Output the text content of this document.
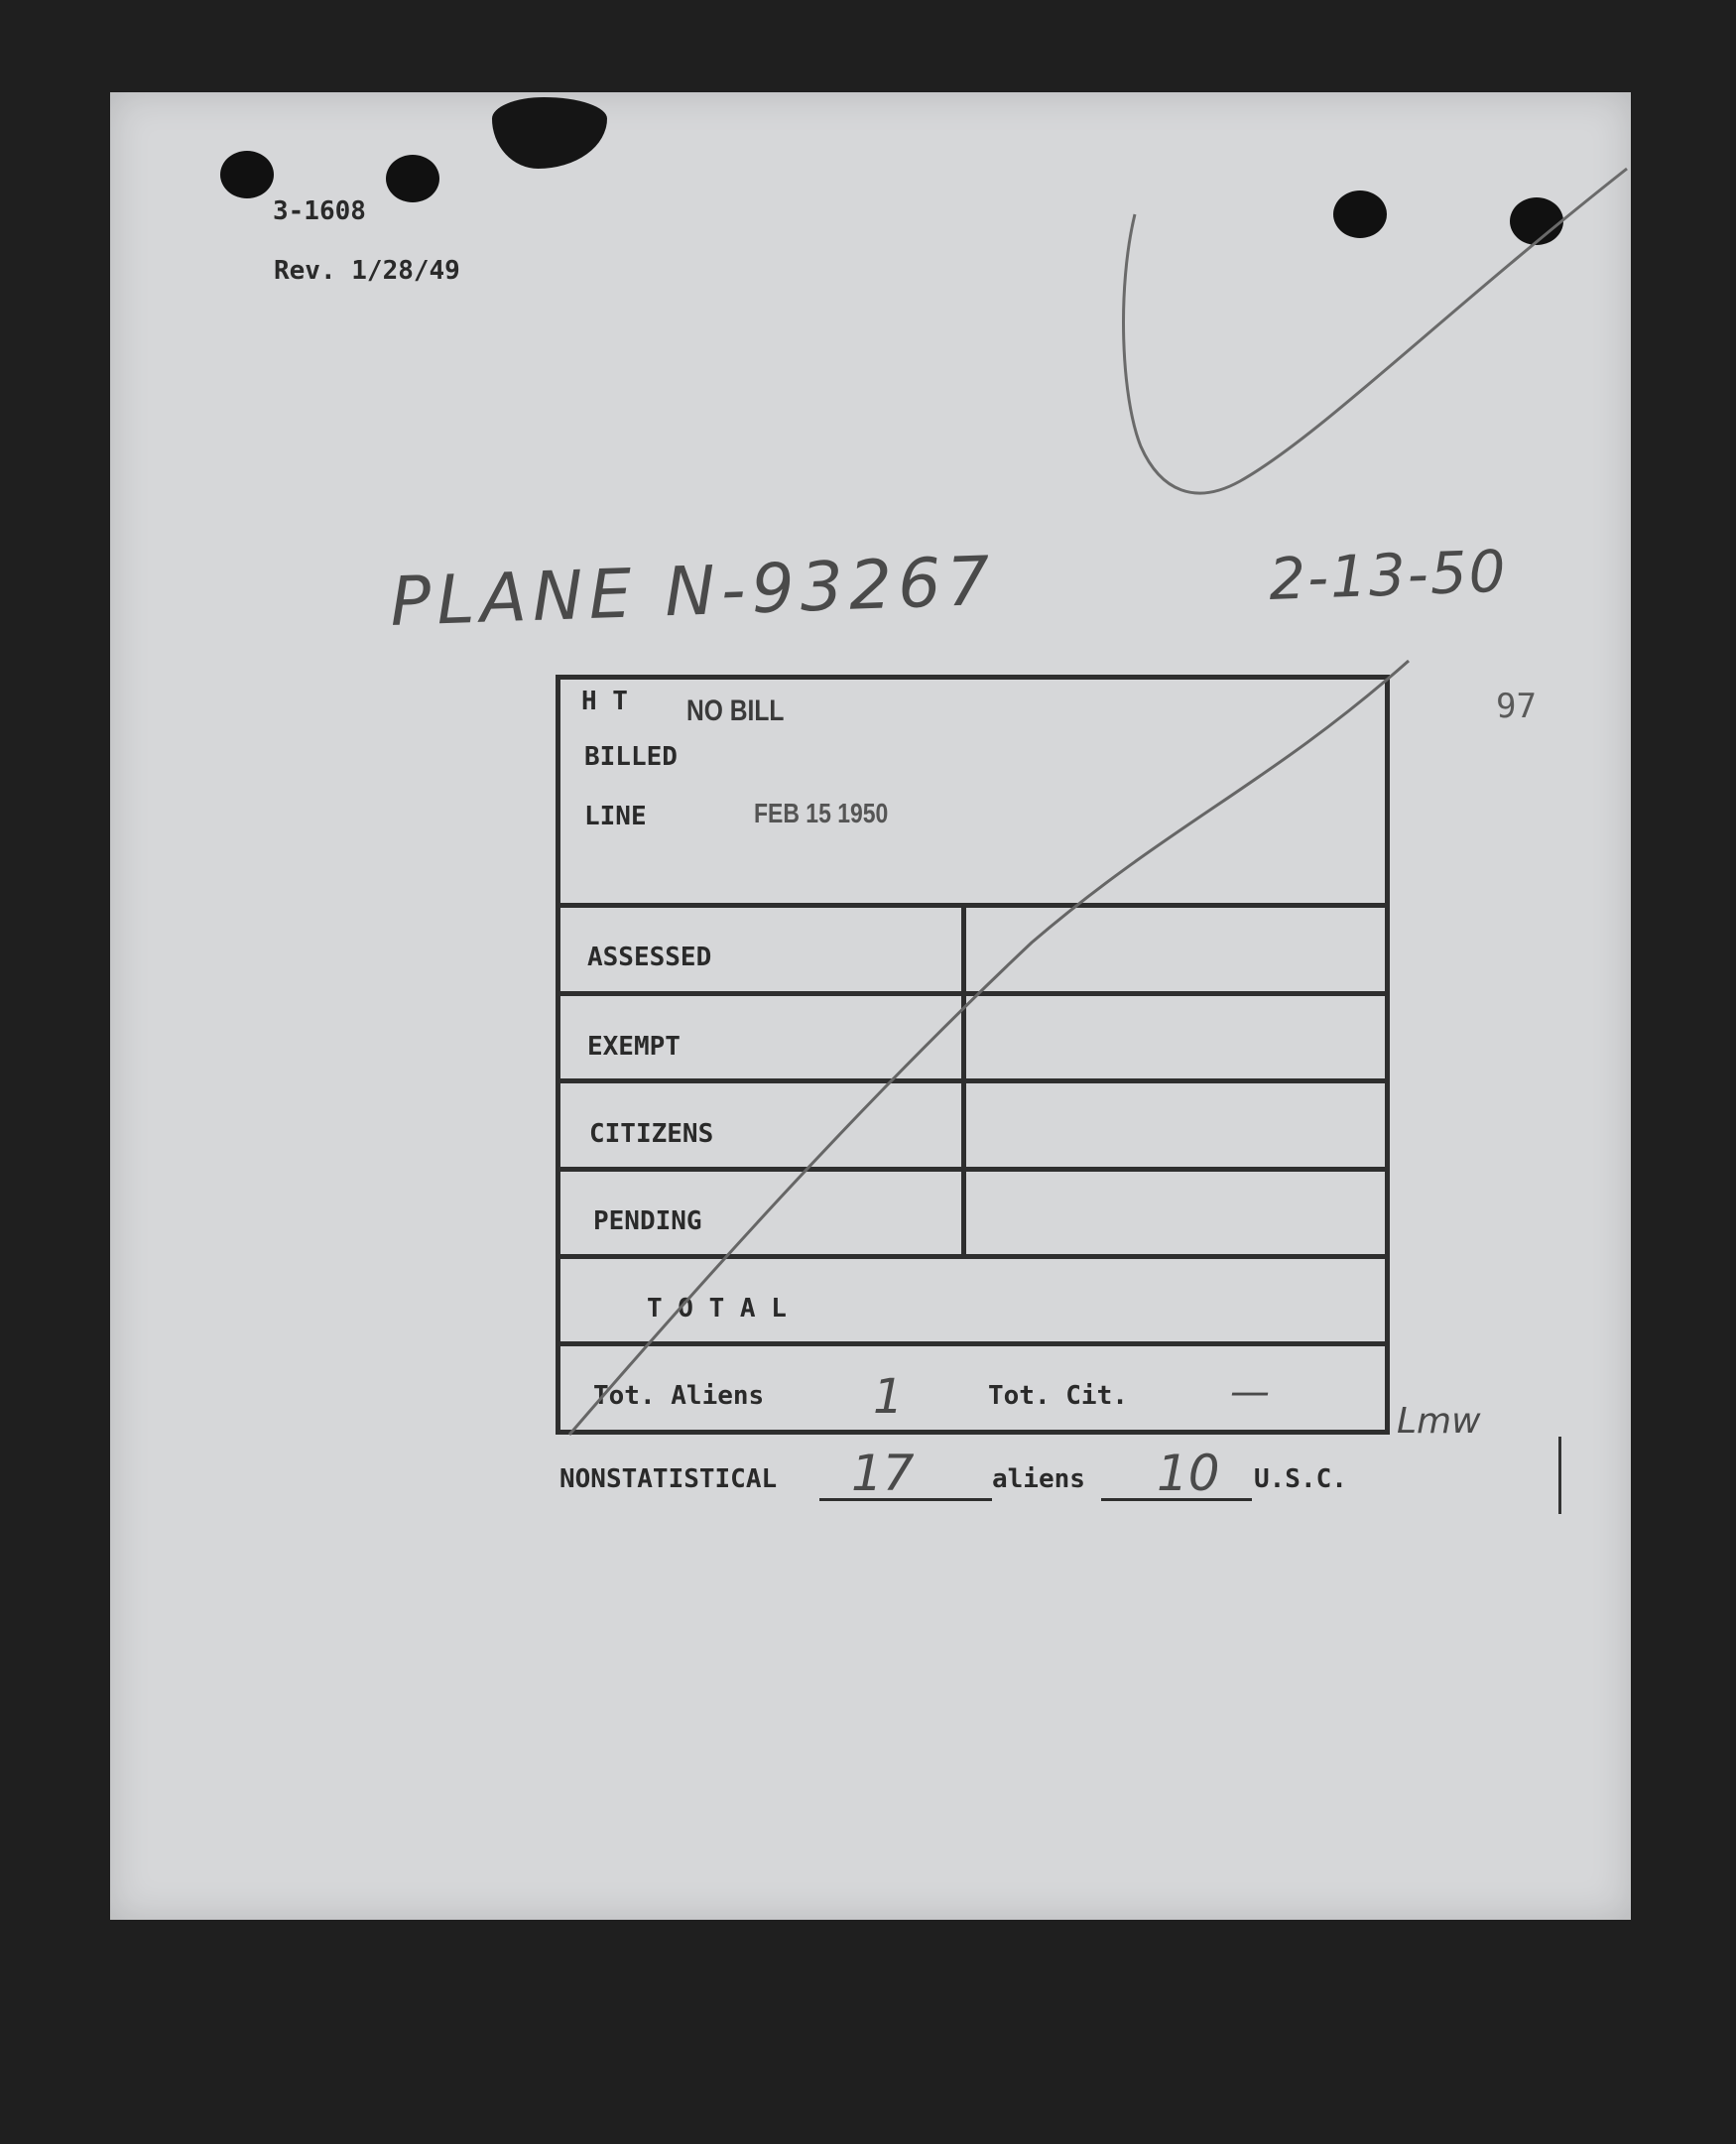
3-1608
Rev. 1/28/49
PLANE N-93267	2-13-50
97
H T NO BILL
BILLED
LINE	FEB 15 1950
ASSESSED
EXEMPT
CITIZENS
PENDING
T O T A L
Tot. Aliens 1	Tot. Cit.	—
Lmw
NONSTATISTICAL 17	aliens 10 U.S.C.
